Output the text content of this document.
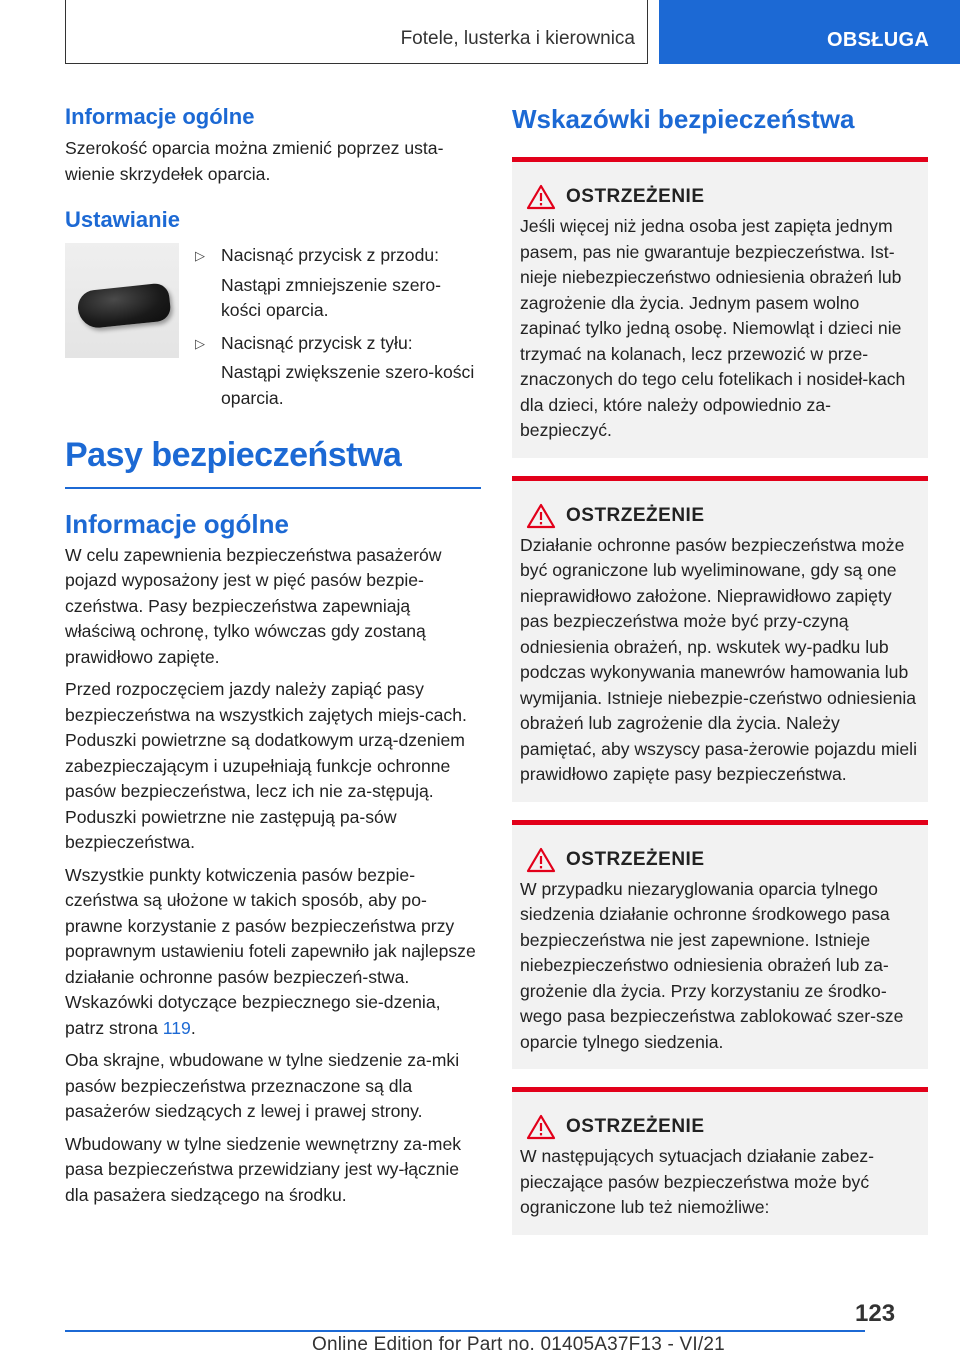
Fotele, lusterka i kierownica	OBSŁUGA
Informacje ogólne

Szerokość oparcia można zmienić poprzez usta-wienie skrzydełek oparcia.

Ustawianie
▷ Nacisnąć przycisk z przodu:

Nastąpi zmniejszenie szero-kości oparcia.

▷ Nacisnąć przycisk z tyłu:

Nastąpi zwiększenie szero-kości oparcia.

Pasy bezpieczeństwa
Informacje ogólne

W celu zapewnienia bezpieczeństwa pasażerów pojazd wyposażony jest w pięć pasów bezpie-czeństwa. Pasy bezpieczeństwa zapewniają właściwą ochronę, tylko wówczas gdy zostaną prawidłowo zapięte.

Przed rozpoczęciem jazdy należy zapiąć pasy bezpieczeństwa na wszystkich zajętych miejs-cach. Poduszki powietrzne są dodatkowym urzą-dzeniem zabezpieczającym i uzupełniają funkcje ochronne pasów bezpieczeństwa, lecz ich nie za-stępują. Poduszki powietrzne nie zastępują pa-sów bezpieczeństwa.

Wszystkie punkty kotwiczenia pasów bezpie-czeństwa są ułożone w takich sposób, aby po-prawne korzystanie z pasów bezpieczeństwa przy poprawnym ustawieniu foteli zapewniło jak najlepsze działanie ochronne pasów bezpieczeń-stwa. Wskazówki dotyczące bezpiecznego sie-dzenia, patrz strona 119.

Oba skrajne, wbudowane w tylne siedzenie za-mki pasów bezpieczeństwa przeznaczone są dla pasażerów siedzących z lewej i prawej strony.

Wbudowany w tylne siedzenie wewnętrzny za-mek pasa bezpieczeństwa przewidziany jest wy-łącznie dla pasażera siedzącego na środku.

Wskazówki bezpieczeństwa
OSTRZEŻENIE

Jeśli więcej niż jedna osoba jest zapięta jednym pasem, pas nie gwarantuje bezpieczeństwa. Ist-nieje niebezpieczeństwo odniesienia obrażeń lub zagrożenie dla życia. Jednym pasem wolno zapinać tylko jedną osobę. Niemowląt i dzieci nie trzymać na kolanach, lecz przewozić w prze-znaczonych do tego celu fotelikach i nosideł-kach dla dzieci, które należy odpowiednio za-bezpieczyć.

OSTRZEŻENIE

Działanie ochronne pasów bezpieczeństwa może być ograniczone lub wyeliminowane, gdy są one nieprawidłowo założone. Nieprawidłowo zapięty pas bezpieczeństwa może być przy-czyną odniesienia obrażeń, np. wskutek wy-padku lub podczas wykonywania manewrów hamowania lub wymijania. Istnieje niebezpie-czeństwo odniesienia obrażeń lub zagrożenie dla życia. Należy pamiętać, aby wszyscy pasa-żerowie pojazdu mieli prawidłowo zapięte pasy bezpieczeństwa.

OSTRZEŻENIE

W przypadku niezaryglowania oparcia tylnego siedzenia działanie ochronne środkowego pasa bezpieczeństwa nie jest zapewnione. Istnieje niebezpieczeństwo odniesienia obrażeń lub za-grożenie dla życia. Przy korzystaniu ze środko-wego pasa bezpieczeństwa zablokować szer-sze oparcie tylnego siedzenia.

OSTRZEŻENIE

W następujących sytuacjach działanie zabez-pieczające pasów bezpieczeństwa może być ograniczone lub też niemożliwe:

123
Online Edition for Part no. 01405A37F13 - VI/21
